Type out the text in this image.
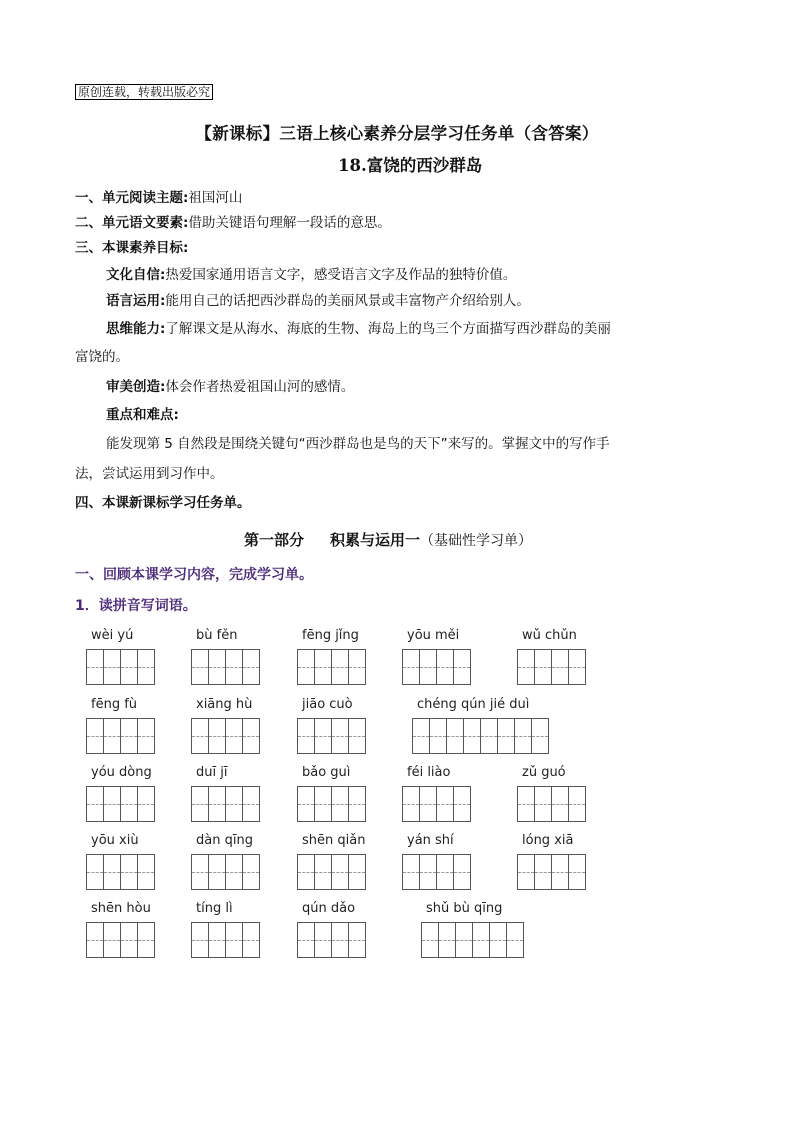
原创连载，转载出版必究
【新课标】三语上核心素养分层学习任务单（含答案）
18.富饶的西沙群岛
一、单元阅读主题:祖国河山
二、单元语文要素:借助关键语句理解一段话的意思。
三、本课素养目标:
文化自信:热爱国家通用语言文字，感受语言文字及作品的独特价值。
语言运用:能用自己的话把西沙群岛的美丽风景或丰富物产介绍给别人。
思维能力:了解课文是从海水、海底的生物、海岛上的鸟三个方面描写西沙群岛的美丽
富饶的。
审美创造:体会作者热爱祖国山河的感情。
重点和难点:
能发现第 5 自然段是围绕关键句“西沙群岛也是鸟的天下”来写的。掌握文中的写作手
法，尝试运用到习作中。
四、本课新课标学习任务单。
第一部分 积累与运用一（基础性学习单）
一、回顾本课学习内容，完成学习单。
1．读拼音写词语。
wèi yú	bù fěn	fēng jǐng	yōu měi	wǔ chǔn
fēng fù	xiāng hù	jiāo cuò	chéng qún jié duì
yóu dòng	duī jī	bǎo guì	féi liào	zǔ guó
yōu xiù	dàn qīng	shēn qiǎn	yán shí	lóng xiā
shēn hòu	tíng lì	qún dǎo	shǔ bù qīng
